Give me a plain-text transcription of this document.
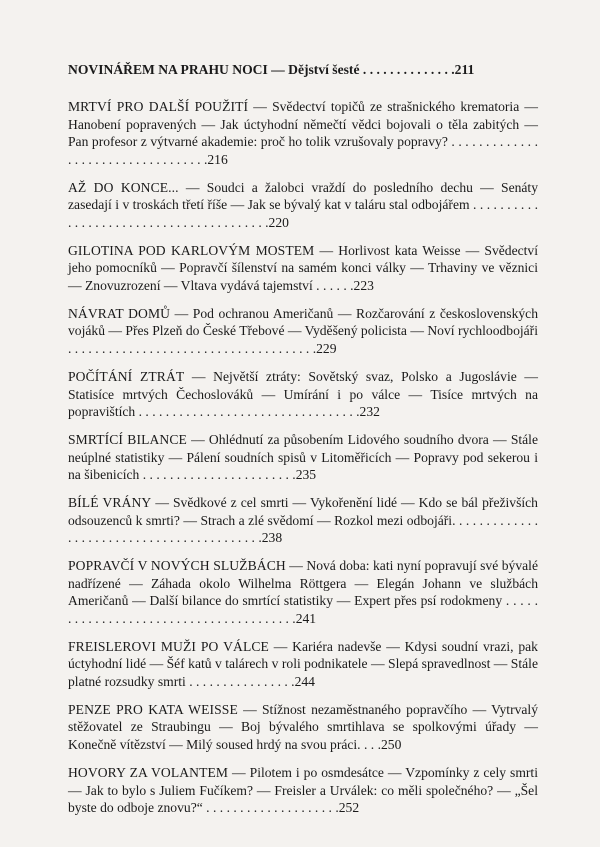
NOVINÁŘEM NA PRAHU NOCI — Dějství šesté . . . . . . . . . . . . . .211
MRTVÍ PRO DALŠÍ POUŽITÍ — Svědectví topičů ze strašnického krematoria — Hanobení popravených — Jak úctyhodní němečtí vědci bojovali o těla zabitých — Pan profesor z výtvarné akademie: proč ho tolik vzrušovaly popravy? . . . . . . . . . . . . . . . . . . . . . . . . . . . . . . . . . .216
AŽ DO KONCE... — Soudci a žalobci vraždí do posledního dechu — Senáty zasedají i v troskách třetí říše — Jak se bývalý kat v taláru stal odbojářem . . . . . . . . . . . . . . . . . . . . . . . . . . . . . . . . . . . . . . . .220
GILOTINA POD KARLOVÝM MOSTEM — Horlivost kata Weisse — Svědectví jeho pomocníků — Popravčí šílenství na samém konci války — Trhaviny ve věznici — Znovuzrození — Vltava vydává tajemství . . . . . .223
NÁVRAT DOMŮ — Pod ochranou Američanů — Rozčarování z československých vojáků — Přes Plzeň do České Třebové — Vyděšený policista — Noví rychloodbojáři . . . . . . . . . . . . . . . . . . . . . . . . . . . . . . . . . . . . .229
POČÍTÁNÍ ZTRÁT — Největší ztráty: Sovětský svaz, Polsko a Jugoslávie — Statisíce mrtvých Čechoslováků — Umírání i po válce — Tisíce mrtvých na popravištích . . . . . . . . . . . . . . . . . . . . . . . . . . . . . . . . .232
SMRTÍCÍ BILANCE — Ohlédnutí za působením Lidového soudního dvora — Stále neúplné statistiky — Pálení soudních spisů v Litoměřicích — Popravy pod sekerou i na šibenicích . . . . . . . . . . . . . . . . . . . . . . .235
BÍLÉ VRÁNY — Svědkové z cel smrti — Vykořenění lidé — Kdo se bál přeživších odsouzenců k smrti? — Strach a zlé svědomí — Rozkol mezi odbojáři. . . . . . . . . . . . . . . . . . . . . . . . . . . . . . . . . . . . . . . . . .238
POPRAVČÍ V NOVÝCH SLUŽBÁCH — Nová doba: kati nyní popravují své bývalé nadřízené — Záhada okolo Wilhelma Röttgera — Elegán Johann ve službách Američanů — Další bilance do smrtící statistiky — Expert přes psí rodokmeny . . . . . . . . . . . . . . . . . . . . . . . . . . . . . . . . . . . . . . .241
FREISLEROVI MUŽI PO VÁLCE — Kariéra nadevše — Kdysi soudní vrazi, pak úctyhodní lidé — Šéf katů v talárech v roli podnikatele — Slepá spravedlnost — Stále platné rozsudky smrti . . . . . . . . . . . . . . . .244
PENZE PRO KATA WEISSE — Stížnost nezaměstnaného popravčího — Vytrvalý stěžovatel ze Straubingu — Boj bývalého smrtihlava se spolkovými úřady — Konečně vítězství — Milý soused hrdý na svou práci. . . .250
HOVORY ZA VOLANTEM — Pilotem i po osmdesátce — Vzpomínky z cely smrti — Jak to bylo s Juliem Fučíkem? — Freisler a Urválek: co měli společného? — „Šel byste do odboje znovu?“ . . . . . . . . . . . . . . . . . . . .252
